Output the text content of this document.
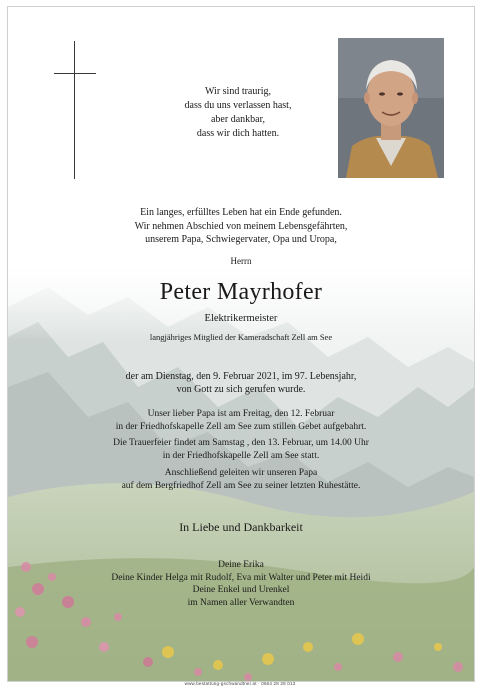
Wir sind traurig,
dass du uns verlassen hast,
aber dankbar,
dass wir dich hatten.
Ein langes, erfülltes Leben hat ein Ende gefunden.
Wir nehmen Abschied von meinem Lebensgefährten,
unserem Papa, Schwiegervater, Opa und Uropa,
Herrn
Peter Mayrhofer
Elektrikermeister
langjähriges Mitglied der Kameradschaft Zell am See
der am Dienstag, den 9. Februar 2021, im 97. Lebensjahr,
von Gott zu sich gerufen wurde.
Unser lieber Papa ist am Freitag, den 12. Februar
in der Friedhofskapelle Zell am See zum stillen Gebet aufgebahrt.
Die Trauerfeier findet am Samstag , den 13. Februar, um 14.00 Uhr
in der Friedhofskapelle Zell am See statt.
Anschließend geleiten wir unseren Papa
auf dem Bergfriedhof Zell am See zu seiner letzten Ruhestätte.
In Liebe und Dankbarkeit
Deine Erika
Deine Kinder Helga mit Rudolf, Eva mit Walter und Peter mit Heidi
Deine Enkel und Urenkel
im Namen aller Verwandten
www.bestattung-gschwandtner.at · 0664 28 28 013
